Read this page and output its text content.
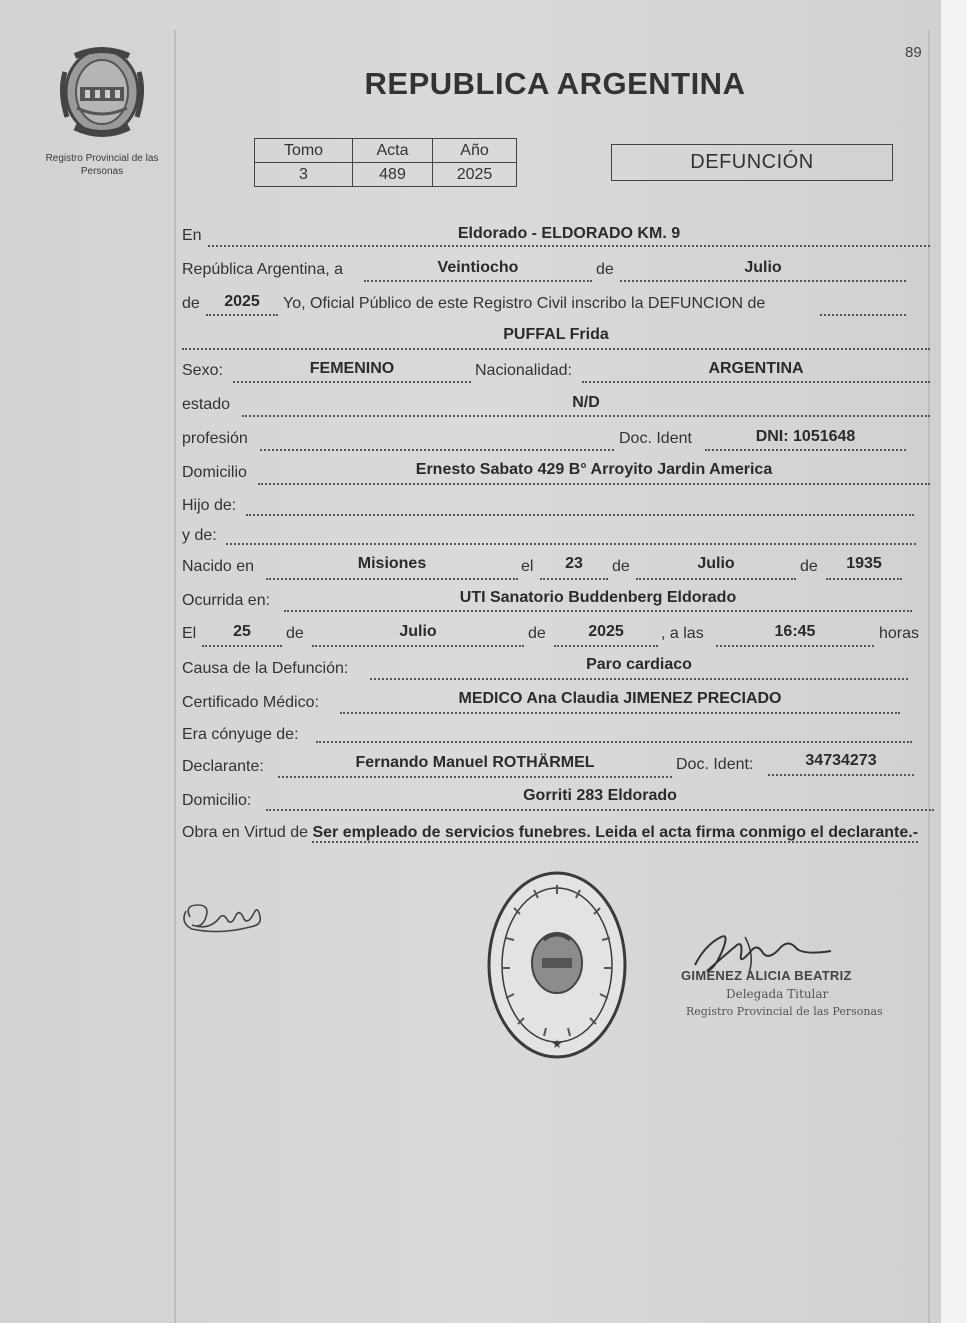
89
Registro Provincial de las Personas
REPUBLICA ARGENTINA
Tomo	Acta	Año
3	489	2025
DEFUNCIÓN
En	Eldorado - ELDORADO KM. 9
República Argentina, a	Veintiocho	de	Julio
de	2025	Yo, Oficial Público de este Registro Civil inscribo la DEFUNCION de
PUFFAL Frida
Sexo:	FEMENINO	Nacionalidad:	ARGENTINA
estado	N/D
profesión	Doc. Ident	DNI: 1051648
Domicilio	Ernesto Sabato 429 B° Arroyito Jardin America
Hijo de:
y de:
Nacido en	Misiones	el	23	de	Julio	de	1935
Ocurrida en:	UTI Sanatorio Buddenberg Eldorado
El	25	de	Julio	de	2025	, a las	16:45	horas
Causa de la Defunción:	Paro cardiaco
Certificado Médico:	MEDICO Ana Claudia JIMENEZ PRECIADO
Era cónyuge de:
Declarante:	Fernando Manuel ROTHÄRMEL	Doc. Ident:	34734273
Domicilio:	Gorriti 283 Eldorado
Obra en Virtud de Ser empleado de servicios funebres. Leida el acta firma conmigo el declarante.-
★
GIMENEZ ALICIA BEATRIZ
Delegada Titular
Registro Provincial de las Personas
